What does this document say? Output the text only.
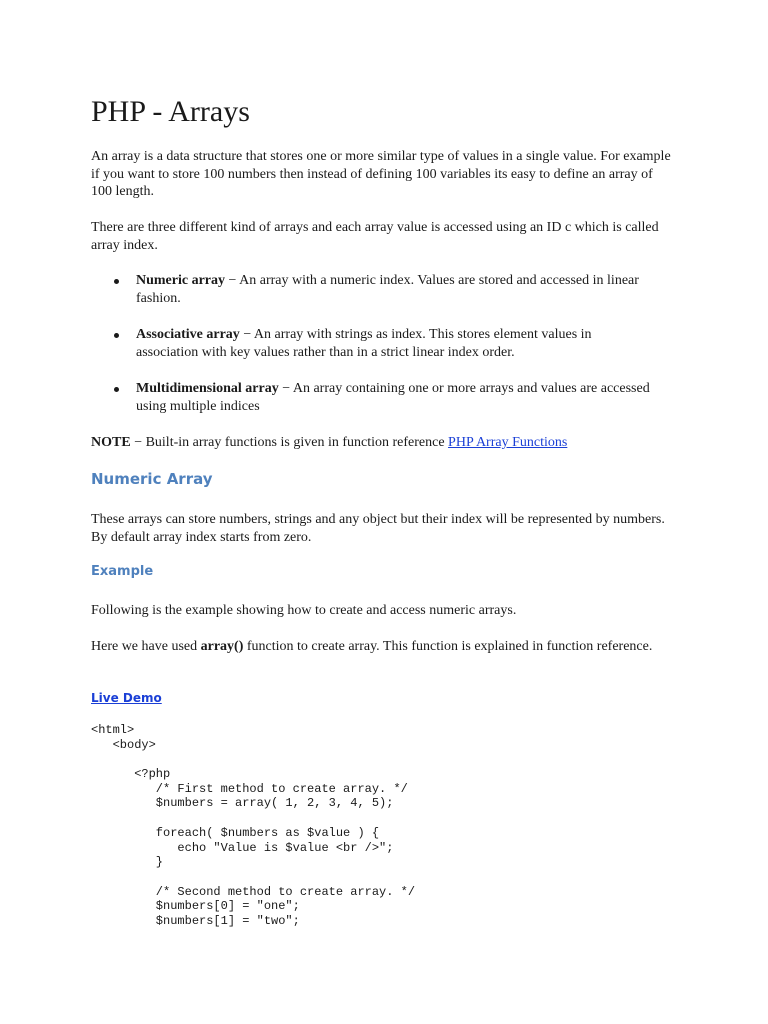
PHP - Arrays

An array is a data structure that stores one or more similar type of values in a single value. For example if you want to store 100 numbers then instead of defining 100 variables its easy to define an array of 100 length.

There are three different kind of arrays and each array value is accessed using an ID c which is called array index.

Numeric array − An array with a numeric index. Values are stored and accessed in linear fashion.
Associative array − An array with strings as index. This stores element values in association with key values rather than in a strict linear index order.
Multidimensional array − An array containing one or more arrays and values are accessed using multiple indices

NOTE − Built-in array functions is given in function reference PHP Array Functions

Numeric Array

These arrays can store numbers, strings and any object but their index will be represented by numbers. By default array index starts from zero.

Example

Following is the example showing how to create and access numeric arrays.

Here we have used array() function to create array. This function is explained in function reference.

Live Demo
<html>
<body>
<?php
/* First method to create array. */
$numbers = array( 1, 2, 3, 4, 5);
foreach( $numbers as $value ) {
echo "Value is $value <br />";
}
/* Second method to create array. */
$numbers[0] = "one";
$numbers[1] = "two";
